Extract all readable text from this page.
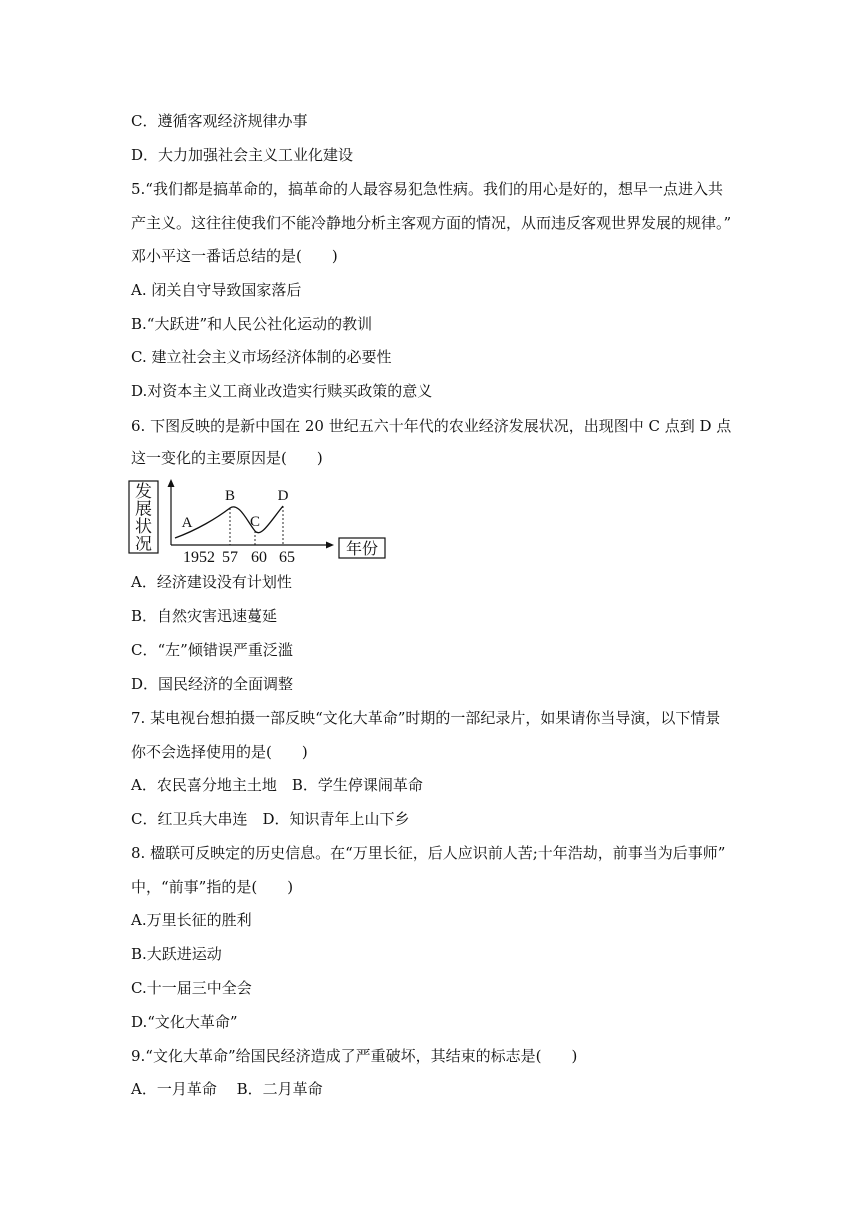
C．遵循客观经济规律办事
D．大力加强社会主义工业化建设
5.“我们都是搞革命的，搞革命的人最容易犯急性病。我们的用心是好的，想早一点进入共
产主义。这往往使我们不能冷静地分析主客观方面的情况，从而违反客观世界发展的规律。”
邓小平这一番话总结的是(　　)
A. 闭关自守导致国家落后
B.“大跃进”和人民公社化运动的教训
C. 建立社会主义市场经济体制的必要性
D.对资本主义工商业改造实行赎买政策的意义
6. 下图反映的是新中国在 20 世纪五六十年代的农业经济发展状况，出现图中 C 点到 D 点
这一变化的主要原因是(　　)
A．经济建设没有计划性
B．自然灾害迅速蔓延
C．“左”倾错误严重泛滥
D．国民经济的全面调整
7. 某电视台想拍摄一部反映“文化大革命”时期的一部纪录片，如果请你当导演，以下情景
你不会选择使用的是(　　)
A．农民喜分地主土地　B．学生停课闹革命
C．红卫兵大串连　D．知识青年上山下乡
8. 楹联可反映定的历史信息。在“万里长征，后人应识前人苦;十年浩劫，前事当为后事师”
中，“前事”指的是(　　)
A.万里长征的胜利
B.大跃进运动
C.十一届三中全会
D.“文化大革命”
9.“文化大革命”给国民经济造成了严重破坏，其结束的标志是(　　)
A．一月革命　 B．二月革命
发
展
状
况	年份
A
B
C
D
1952 57 60 65
